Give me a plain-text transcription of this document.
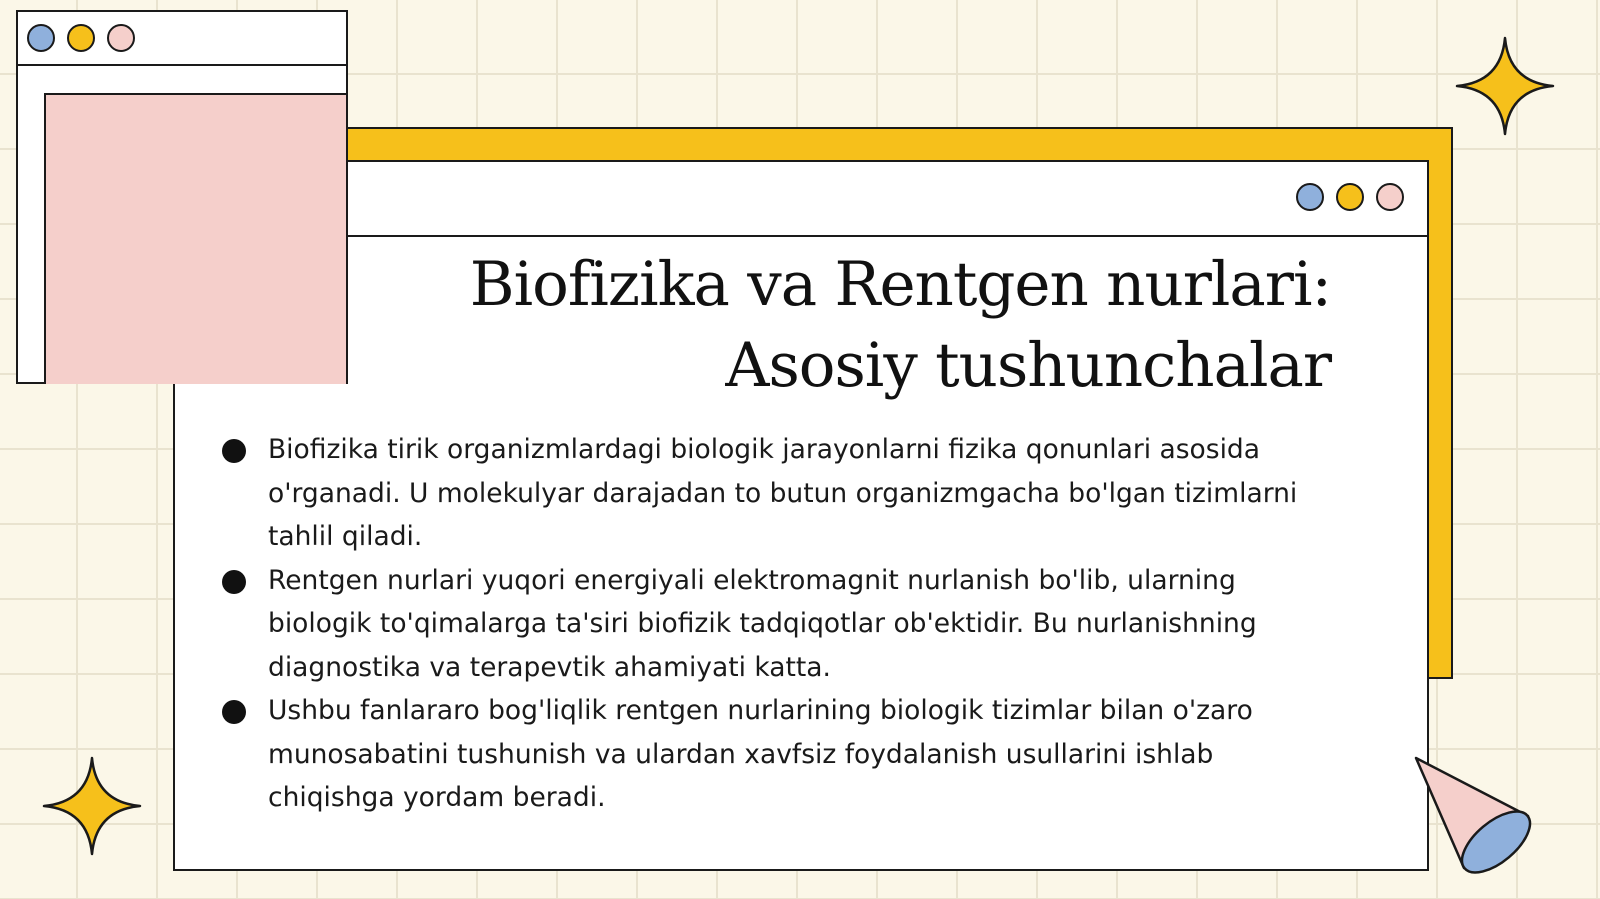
Biofizika va Rentgen nurlari:
Asosiy tushunchalar
Biofizika tirik organizmlardagi biologik jarayonlarni fizika qonunlari asosida o'rganadi. U molekulyar darajadan to butun organizmgacha bo'lgan tizimlarni tahlil qiladi.
Rentgen nurlari yuqori energiyali elektromagnit nurlanish bo'lib, ularning biologik to'qimalarga ta'siri biofizik tadqiqotlar ob'ektidir. Bu nurlanishning diagnostika va terapevtik ahamiyati katta.
Ushbu fanlararo bog'liqlik rentgen nurlarining biologik tizimlar bilan o'zaro munosabatini tushunish va ulardan xavfsiz foydalanish usullarini ishlab chiqishga yordam beradi.
